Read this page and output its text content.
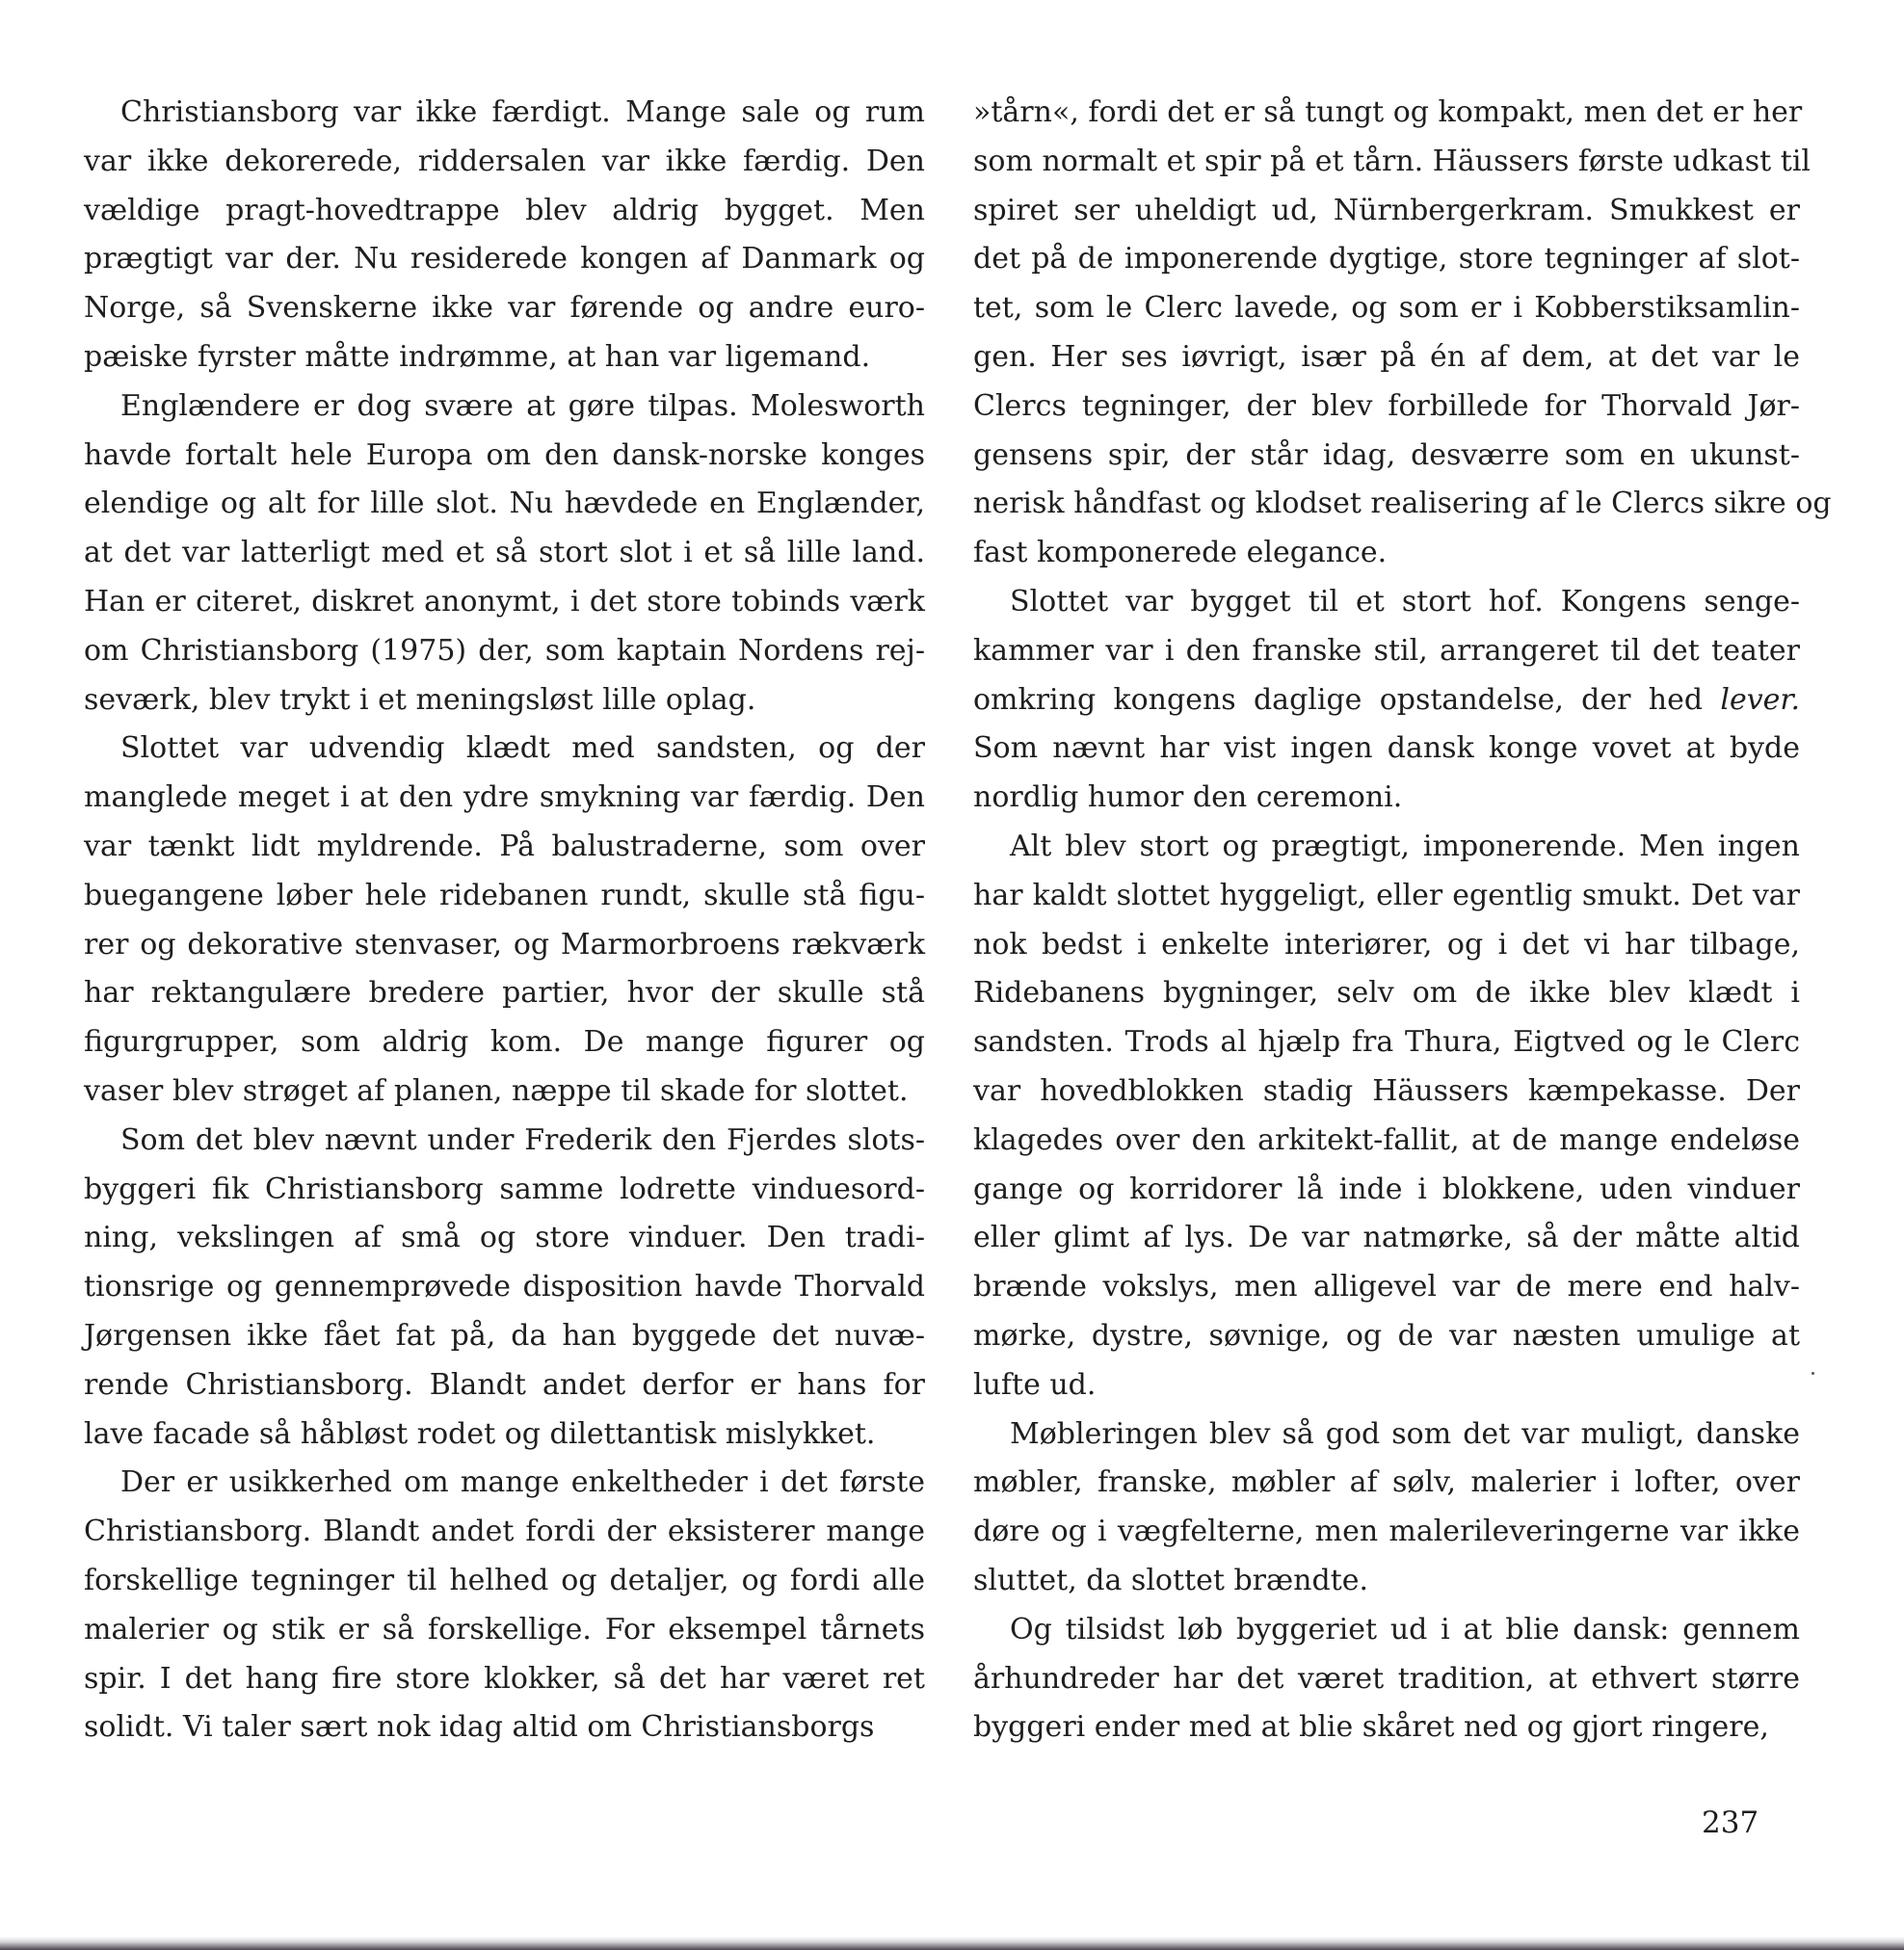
Christiansborg var ikke færdigt. Mange sale og rum
var ikke dekorerede, riddersalen var ikke færdig. Den
vældige pragt-hovedtrappe blev aldrig bygget. Men
prægtigt var der. Nu residerede kongen af Danmark og
Norge, så Svenskerne ikke var førende og andre euro-
pæiske fyrster måtte indrømme, at han var ligemand.
Englændere er dog svære at gøre tilpas. Molesworth
havde fortalt hele Europa om den dansk-norske konges
elendige og alt for lille slot. Nu hævdede en Englænder,
at det var latterligt med et så stort slot i et så lille land.
Han er citeret, diskret anonymt, i det store tobinds værk
om Christiansborg (1975) der, som kaptain Nordens rej-
seværk, blev trykt i et meningsløst lille oplag.
Slottet var udvendig klædt med sandsten, og der
manglede meget i at den ydre smykning var færdig. Den
var tænkt lidt myldrende. På balustraderne, som over
buegangene løber hele ridebanen rundt, skulle stå figu-
rer og dekorative stenvaser, og Marmorbroens rækværk
har rektangulære bredere partier, hvor der skulle stå
figurgrupper, som aldrig kom. De mange figurer og
vaser blev strøget af planen, næppe til skade for slottet.
Som det blev nævnt under Frederik den Fjerdes slots-
byggeri fik Christiansborg samme lodrette vinduesord-
ning, vekslingen af små og store vinduer. Den tradi-
tionsrige og gennemprøvede disposition havde Thorvald
Jørgensen ikke fået fat på, da han byggede det nuvæ-
rende Christiansborg. Blandt andet derfor er hans for
lave facade så håbløst rodet og dilettantisk mislykket.
Der er usikkerhed om mange enkeltheder i det første
Christiansborg. Blandt andet fordi der eksisterer mange
forskellige tegninger til helhed og detaljer, og fordi alle
malerier og stik er så forskellige. For eksempel tårnets
spir. I det hang fire store klokker, så det har været ret
solidt. Vi taler sært nok idag altid om Christiansborgs
»tårn«, fordi det er så tungt og kompakt, men det er her
som normalt et spir på et tårn. Häussers første udkast til
spiret ser uheldigt ud, Nürnbergerkram. Smukkest er
det på de imponerende dygtige, store tegninger af slot-
tet, som le Clerc lavede, og som er i Kobberstiksamlin-
gen. Her ses iøvrigt, især på én af dem, at det var le
Clercs tegninger, der blev forbillede for Thorvald Jør-
gensens spir, der står idag, desværre som en ukunst-
nerisk håndfast og klodset realisering af le Clercs sikre og
fast komponerede elegance.
Slottet var bygget til et stort hof. Kongens senge-
kammer var i den franske stil, arrangeret til det teater
omkring kongens daglige opstandelse, der hed lever.
Som nævnt har vist ingen dansk konge vovet at byde
nordlig humor den ceremoni.
Alt blev stort og prægtigt, imponerende. Men ingen
har kaldt slottet hyggeligt, eller egentlig smukt. Det var
nok bedst i enkelte interiører, og i det vi har tilbage,
Ridebanens bygninger, selv om de ikke blev klædt i
sandsten. Trods al hjælp fra Thura, Eigtved og le Clerc
var hovedblokken stadig Häussers kæmpekasse. Der
klagedes over den arkitekt-fallit, at de mange endeløse
gange og korridorer lå inde i blokkene, uden vinduer
eller glimt af lys. De var natmørke, så der måtte altid
brænde vokslys, men alligevel var de mere end halv-
mørke, dystre, søvnige, og de var næsten umulige at
lufte ud.
Møbleringen blev så god som det var muligt, danske
møbler, franske, møbler af sølv, malerier i lofter, over
døre og i vægfelterne, men malerileveringerne var ikke
sluttet, da slottet brændte.
Og tilsidst løb byggeriet ud i at blie dansk: gennem
århundreder har det været tradition, at ethvert større
byggeri ender med at blie skåret ned og gjort ringere,
237
